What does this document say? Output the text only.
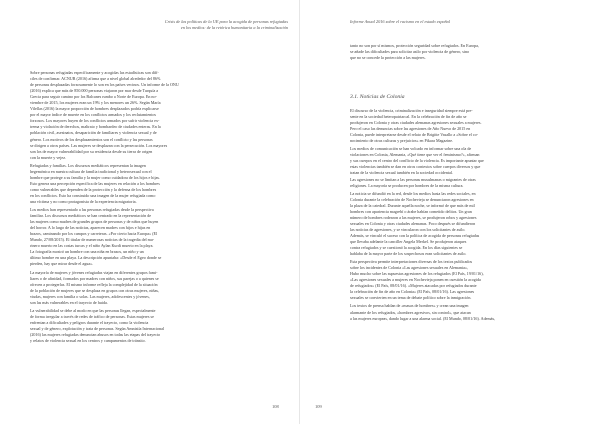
Crisis de las políticas de la UE para la acogida de personas refugiadas
en los medios: de la retórica humanitaria a la criminalización
Sobre personas refugiadas específicamente y acogidas las estadísticas son difí-
ciles de confirmar. ACNUR (2016) afirma que a nivel global alrededor del 86%
de personas desplazadas forzosamente lo son en los países vecinos. Un informe de la ONU
(2016) explica que más de 850.000 personas viajaron por mar desde Turquía a
Grecia para seguir camino por los Balcanes rumbo a Norte de Europa. En no-
viembre de 2015, los mujeres eran un 19% y los menores un 26%. Según María
Vilellas (2016) la mayor proporción de hombres desplazados podría explicarse
por el mayor índice de muerte en los conflictos armados y los reclutamientos
forzosos. Los mayores huyen de los conflictos armados por sufrir violencia ex-
trema y violación de derechos, maltrato y bombardeo de ciudades enteras. En la
población civil, asesinatos, desaparición de familiares y violencia sexual y de
género. Los motivos de los desplazamientos son el conflicto y las personas
se dirigen a otros países. Las mujeres se desplazan con la persecución. Los mayores
son los de mayor vulnerabilidad por su residencia desde su tierra de origen
con la muerte y vejez.
Refugiadas y familias. Los discursos mediáticos representan la imagen
hegemónica en nuestra cultura de familia tradicional y heterosexual con el
hombre que protege a su familia y la mujer como cuidadora de los hijos e hijas.
Esto genera una percepción específica de las mujeres en relación a los hombres
como vulnerables que dependen de la protección y la defensa de los hombres
en los conflictos. Esto ha construido una imagen de la mujer refugiada como
una víctima y no como protagonista de la experiencia migratoria.
Los medios han representado a las personas refugiadas desde la perspectiva
familiar. Los discursos mediáticos se han centrado en la representación de
las mujeres como madres de grandes grupos de personas y de niños que huyen
del horror. A lo largo de las noticias, aparecen madres con hijos e hijas en
brazos, caminando por los campos y carreteras. «Por cierto hacia Europa» (El
Mundo, 27/08/2015). El titular de numerosas noticias de la tragedia del ma-
rinero muerto en las costas turcas y el niño Aylan Kurdi muerto en la playa.
La fotografía mostró un hombre con una niña en brazos, un niño y un
último hombre en una playa. La descripción apuntaba: «Desde el Egeo donde se
pierden, hay que mirar desde el agua».
La mayoría de mujeres y jóvenes refugiadas viajan en diferentes grupos fami-
liares o de afinidad, formados por madres con niños, sus parejas o a quienes se
ofrecen a protegerlas. El mismo informe refleja la complejidad de la situación
de la población de mujeres que se desplaza en grupos con otras mujeres, niñas,
viudas, mujeres con familia o solas. Las mujeres, adolescentes y jóvenes,
son las más vulnerables en el trayecto de huida.
La vulnerabilidad se debe al modo en que las personas llegan, especialmente
de forma irregular a través de redes de tráfico de personas. Estas mujeres se
enfrentan a dificultades y peligros durante el trayecto, como la violencia
sexual y de género, explotación y trata de personas. Según Amnistía Internacional
(2016) las mujeres refugiadas denuncian abusos en todas las etapas del trayecto
y relatos de violencia sexual en los centros y campamentos de tránsito.
108
Informe Anual 2016 sobre el racismo en el estado español
tanto no son por sí mismos, protección seguridad sobre refugiados. En Europa,
se añade las dificultades para solicitar asilo por violencia de género, sino
que no se concede la protección a las mujeres.
3.1. Noticias de Colonia
El discurso de la violencia, criminalización e inseguridad siempre está pre-
sente en la sociedad heteropatriarcal. En la celebración de fin de año se
produjeron en Colonia y otras ciudades alemanas agresiones sexuales a mujeres.
Pero el caso las denuncias sobre las agresiones de Año Nuevo de 2015 en
Colonia, puede interpretarse desde el relato de Brigitte Vasallo a «Sobre el co-
nocimiento de otras culturas y prejuicios» en Pikara Magazine.
Los medios de comunicación se han volcado en informar sobre una ola de
violaciones en Colonia, Alemania, «Qué tiene que ver el feminismo?», afirman
y sus cuerpos en el centro del conflicto de la violencia. Es importante apuntar que
estas violencias también se dan en otros contextos sobre cuerpos diversos y que
tratan de la violencia sexual también en la sociedad occidental.
Las agresiones no se limitan a las personas musulmanas o migrantes de otras
religiones. La mayoría se producen por hombres de la misma cultura.
La noticia se difundió en la red, desde los medios hasta las redes sociales, en
Colonia durante la celebración de Nochevieja se denunciaron agresiones en
la plaza de la catedral. Durante aquella noche, se informó de que más de mil
hombres con apariencia magrebí o árabe habían cometido delitos. Un gran
número de hombres rodearon a las mujeres, se produjeron robos y agresiones
sexuales en Colonia y otras ciudades alemanas. Poco después se difundieron
las noticias de agresiones, y se vincularon con los solicitantes de asilo.
Además, se vinculó el suceso con la política de acogida de personas refugiadas
que llevaba adelante la canciller Angela Merkel. Se produjeron ataques
contra refugiados y se cuestionó la acogida. En los días siguientes se
hablaba de la mayor parte de los sospechosos eran solicitantes de asilo.
Esta perspectiva permite interpretaciones diversas de los textos publicados
sobre los incidentes de Colonia «Las agresiones sexuales en Alemania»,
Hubo mucho sobre las supuestas agresiones de los refugiados (El País, 19/01/16),
«Las agresiones sexuales a mujeres en Nochevieja ponen en cuestión la acogida
de refugiados» (El País, 08/01/16). «Mujeres atacadas por refugiados durante
la celebración de fin de año en Colonia» (El País, 08/01/16). Las agresiones
sexuales se convierten en un tema de debate político sobre la inmigración.
Los textos de prensa hablan de «masas de hombres» y crean una imagen
alarmante de los refugiados, «hombres agresivos, sin control», que atacan
a las mujeres europeas, dando lugar a una alarma social. (El Mundo, 08/01/16). Además,
109
